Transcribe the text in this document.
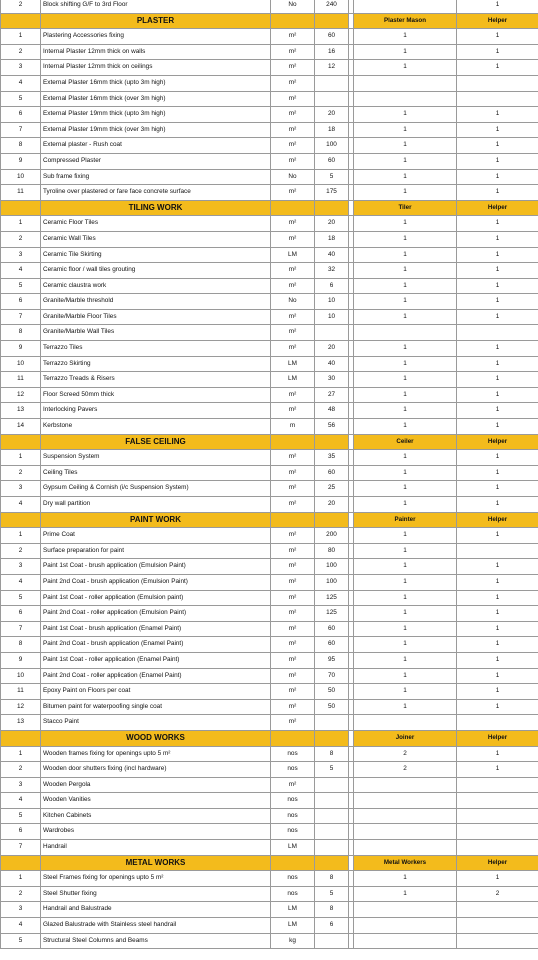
2	Block shifting G/F to 3rd Floor	No	240			1
	PLASTER				Plaster Mason	Helper
1	Plastering Accessories fixing	m²	60		1	1
2	Internal Plaster 12mm thick on walls	m²	16		1	1
3	Internal Plaster 12mm thick on ceilings	m²	12		1	1
4	External Plaster 16mm thick (upto 3m high)	m²				
5	External Plaster 16mm thick (over 3m high)	m²				
6	External Plaster 19mm thick (upto 3m high)	m²	20		1	1
7	External Plaster 19mm thick (over 3m high)	m²	18		1	1
8	External plaster - Rush coat	m²	100		1	1
9	Compressed Plaster	m²	60		1	1
10	Sub frame fixing	No	5		1	1
11	Tyroline over plastered or fare face concrete surface	m²	175		1	1
	TILING WORK				Tiler	Helper
1	Ceramic Floor Tiles	m²	20		1	1
2	Ceramic Wall Tiles	m²	18		1	1
3	Ceramic Tile Skirting	LM	40		1	1
4	Ceramic floor / wall tiles grouting	m²	32		1	1
5	Ceramic claustra work	m²	6		1	1
6	Granite/Marble threshold	No	10		1	1
7	Granite/Marble Floor Tiles	m²	10		1	1
8	Granite/Marble Wall Tiles	m²				
9	Terrazzo Tiles	m²	20		1	1
10	Terrazzo Skirting	LM	40		1	1
11	Terrazzo Treads & Risers	LM	30		1	1
12	Floor Screed 50mm thick	m²	27		1	1
13	Interlocking Pavers	m²	48		1	1
14	Kerbstone	m	56		1	1
	FALSE CEILING				Ceiler	Helper
1	Suspension System	m²	35		1	1
2	Ceiling Tiles	m²	60		1	1
3	Gypsum Ceiling & Cornish (i/c Suspension System)	m²	25		1	1
4	Dry wall partition	m²	20		1	1
	PAINT WORK				Painter	Helper
1	Prime Coat	m²	200		1	1
2	Surface preparation for paint	m²	80		1	
3	Paint 1st Coat - brush application (Emulsion Paint)	m²	100		1	1
4	Paint 2nd Coat - brush application (Emulsion Paint)	m²	100		1	1
5	Paint 1st Coat - roller application (Emulsion paint)	m²	125		1	1
6	Paint 2nd Coat - roller application (Emulsion Paint)	m²	125		1	1
7	Paint 1st Coat - brush application (Enamel Paint)	m²	60		1	1
8	Paint 2nd Coat - brush application (Enamel Paint)	m²	60		1	1
9	Paint 1st Coat - roller application (Enamel Paint)	m²	95		1	1
10	Paint 2nd Coat - roller application (Enamel Paint)	m²	70		1	1
11	Epoxy Paint on Floors per coat	m²	50		1	1
12	Bitumen paint for waterpoofing single coat	m²	50		1	1
13	Stacco Paint	m²				
	WOOD WORKS				Joiner	Helper
1	Wooden frames fixing for openings upto 5 m²	nos	8		2	1
2	Wooden door shutters fixing (incl hardware)	nos	5		2	1
3	Wooden Pergola	m²				
4	Wooden Vanities	nos				
5	Kitchen Cabinets	nos				
6	Wardrobes	nos				
7	Handrail	LM				
	METAL WORKS				Metal Workers	Helper
1	Steel Frames fixing for openings upto 5 m²	nos	8		1	1
2	Steel Shutter fixing	nos	5		1	2
3	Handrail and Balustrade	LM	8			
4	Glazed Balustrade with Stainless steel handrail	LM	6			
5	Structural Steel Columns and Beams	kg				
